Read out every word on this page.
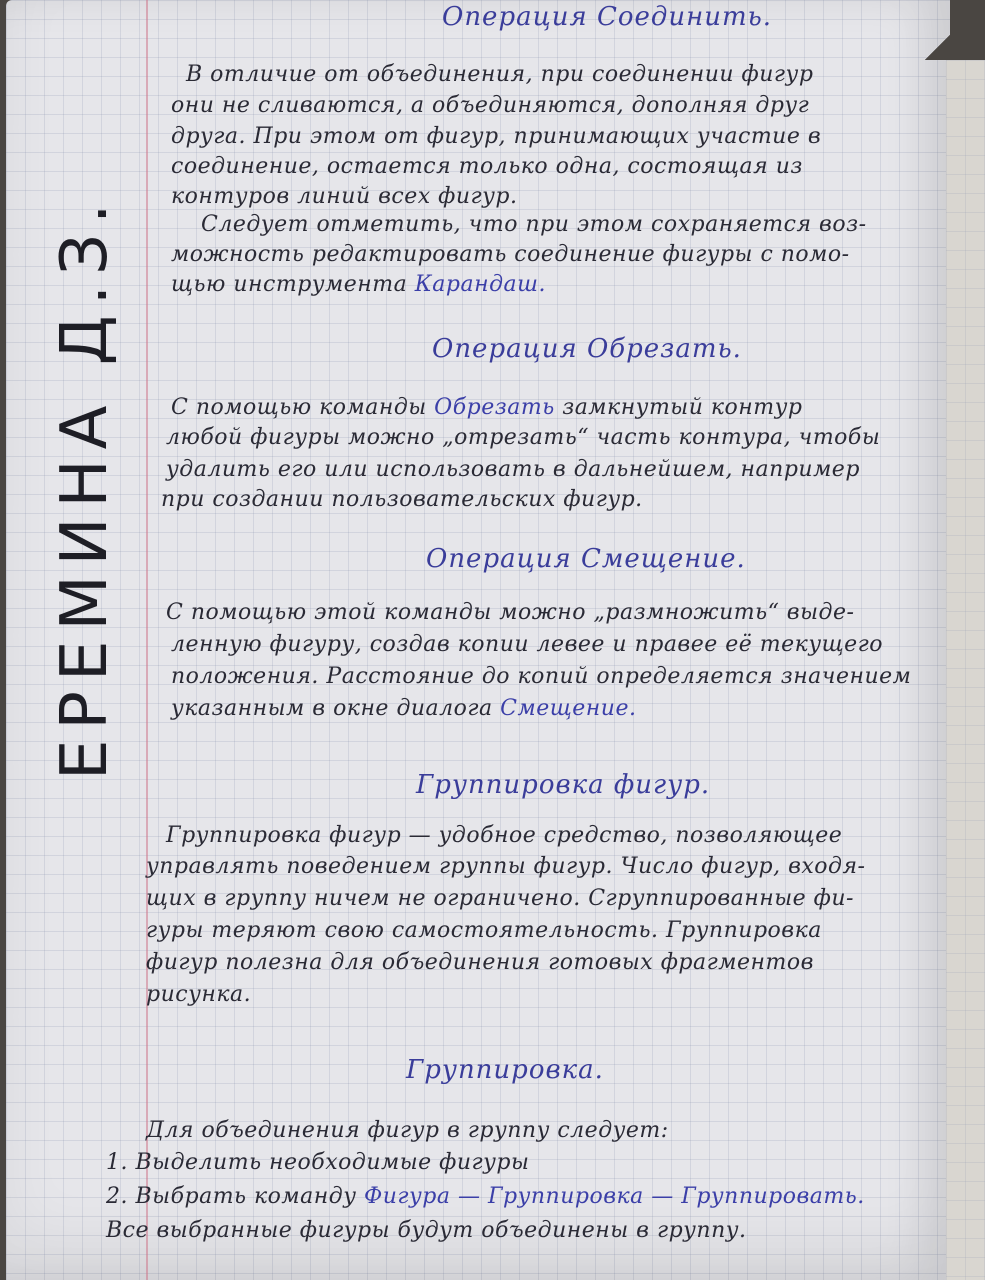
Операция Соединить.
В отличие от объединения, при соединении фигур
они не сливаются, а объединяются, дополняя друг
друга. При этом от фигур, принимающих участие в
соединение, остается только одна, состоящая из
контуров линий всех фигур.
Следует отметить, что при этом сохраняется воз-
можность редактировать соединение фигуры с помо-
щью инструмента Карандаш.
Операция Обрезать.
С помощью команды Обрезать замкнутый контур
любой фигуры можно „отрезать“ часть контура, чтобы
удалить его или использовать в дальнейшем, например
при создании пользовательских фигур.
Операция Смещение.
С помощью этой команды можно „размножить“ выде-
ленную фигуру, создав копии левее и правее её текущего
положения. Расстояние до копий определяется значением
указанным в окне диалога Смещение.
Группировка фигур.
Группировка фигур — удобное средство, позволяющее
управлять поведением группы фигур. Число фигур, входя-
щих в группу ничем не ограничено. Сгруппированные фи-
гуры теряют свою самостоятельность. Группировка
фигур полезна для объединения готовых фрагментов
рисунка.
Группировка.
Для объединения фигур в группу следует:
1. Выделить необходимые фигуры
2. Выбрать команду Фигура — Группировка — Группировать.
Все выбранные фигуры будут объединены в группу.
ЕРЕМИНА Д.З.
